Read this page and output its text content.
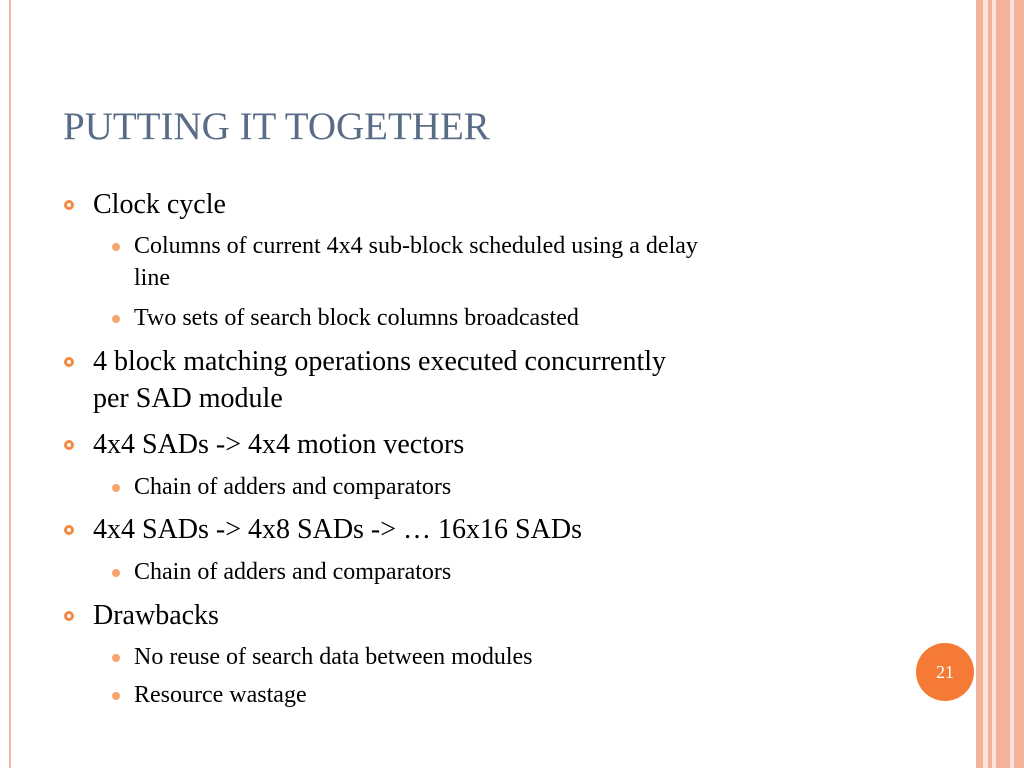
PUTTING IT TOGETHER
Clock cycle
Columns of current 4x4 sub-block scheduled using a delay
line
Two sets of search block columns broadcasted
4 block matching operations executed concurrently
per SAD module
4x4 SADs -> 4x4 motion vectors
Chain of adders and comparators
4x4 SADs -> 4x8 SADs -> … 16x16 SADs
Chain of adders and comparators
Drawbacks
No reuse of search data between modules
Resource wastage
21
